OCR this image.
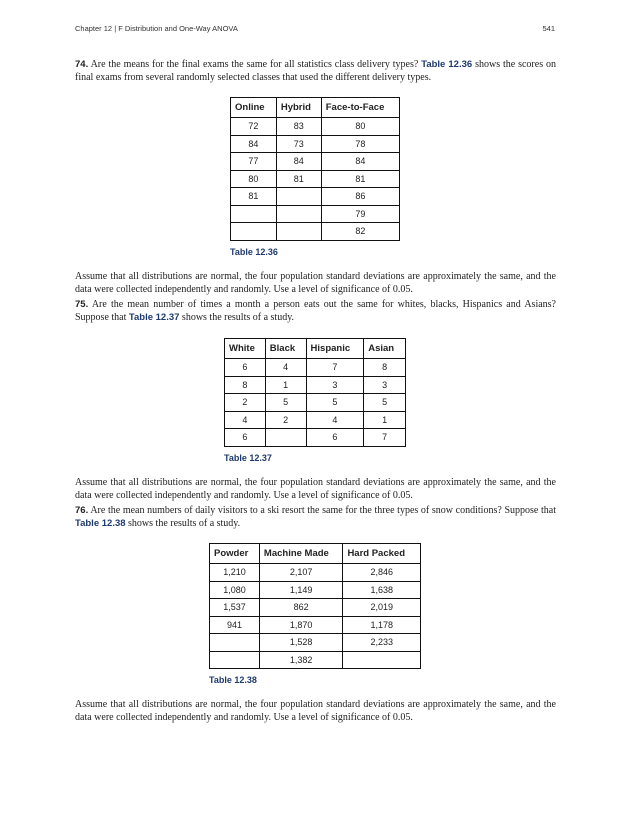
Chapter 12 | F Distribution and One-Way ANOVA	541

74. Are the means for the final exams the same for all statistics class delivery types? Table 12.36 shows the scores on final exams from several randomly selected classes that used the different delivery types.

Online	Hybrid	Face-to-Face
72	83	80
84	73	78
77	84	84
80	81	81
81		86
		79
		82
Table 12.36

Assume that all distributions are normal, the four population standard deviations are approximately the same, and the data were collected independently and randomly. Use a level of significance of 0.05.

75. Are the mean number of times a month a person eats out the same for whites, blacks, Hispanics and Asians? Suppose that Table 12.37 shows the results of a study.

White	Black	Hispanic	Asian
6	4	7	8
8	1	3	3
2	5	5	5
4	2	4	1
6		6	7
Table 12.37

Assume that all distributions are normal, the four population standard deviations are approximately the same, and the data were collected independently and randomly. Use a level of significance of 0.05.

76. Are the mean numbers of daily visitors to a ski resort the same for the three types of snow conditions? Suppose that Table 12.38 shows the results of a study.

Powder	Machine Made	Hard Packed
1,210	2,107	2,846
1,080	1,149	1,638
1,537	862	2,019
941	1,870	1,178
	1,528	2,233
	1,382	
Table 12.38

Assume that all distributions are normal, the four population standard deviations are approximately the same, and the data were collected independently and randomly. Use a level of significance of 0.05.
